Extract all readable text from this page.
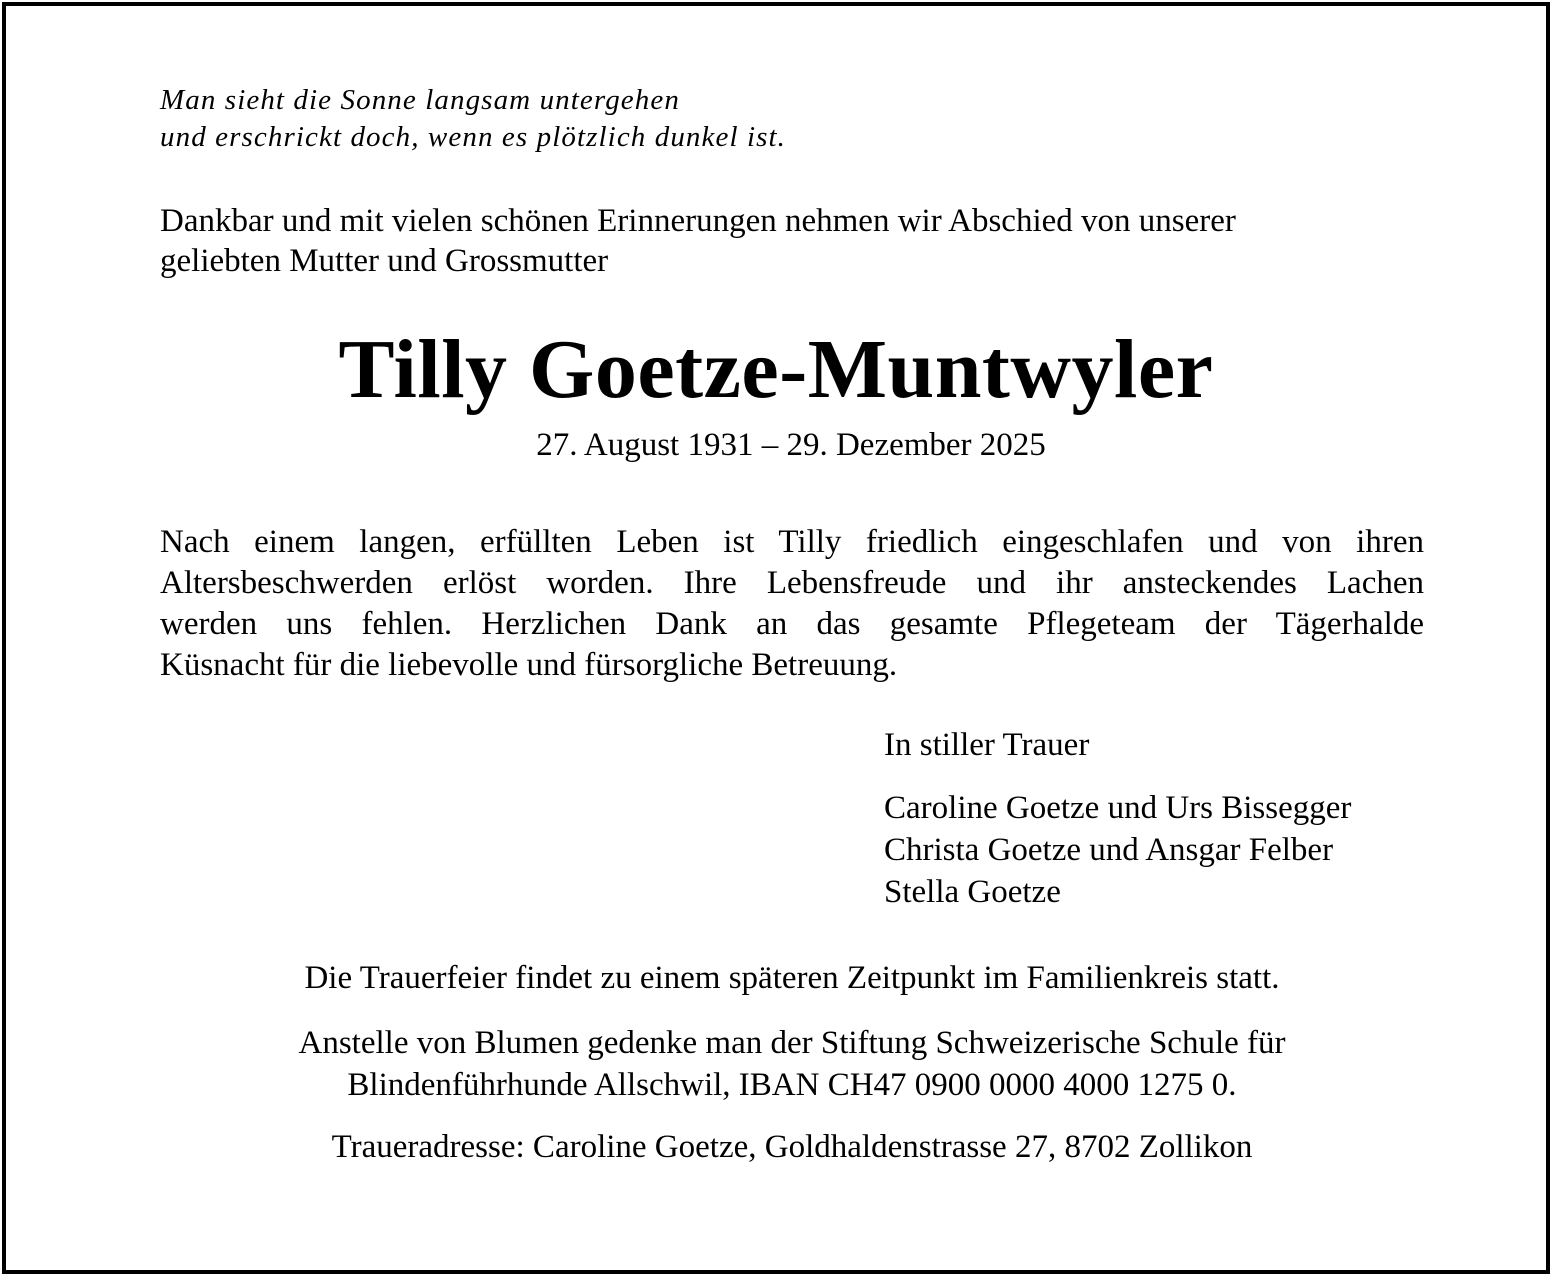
Man sieht die Sonne langsam untergehen
und erschrickt doch, wenn es plötzlich dunkel ist.
Dankbar und mit vielen schönen Erinnerungen nehmen wir Abschied von unserer
geliebten Mutter und Grossmutter
Tilly Goetze-Muntwyler
27. August 1931 – 29. Dezember 2025
Nach einem langen, erfüllten Leben ist Tilly friedlich eingeschlafen und von ihren
Altersbeschwerden erlöst worden. Ihre Lebensfreude und ihr ansteckendes Lachen
werden uns fehlen. Herzlichen Dank an das gesamte Pflegeteam der Tägerhalde
Küsnacht für die liebevolle und fürsorgliche Betreuung.
In stiller Trauer
Caroline Goetze und Urs Bissegger
Christa Goetze und Ansgar Felber
Stella Goetze
Die Trauerfeier findet zu einem späteren Zeitpunkt im Familienkreis statt.
Anstelle von Blumen gedenke man der Stiftung Schweizerische Schule für
Blindenführhunde Allschwil, IBAN CH47 0900 0000 4000 1275 0.
Traueradresse: Caroline Goetze, Goldhaldenstrasse 27, 8702 Zollikon
